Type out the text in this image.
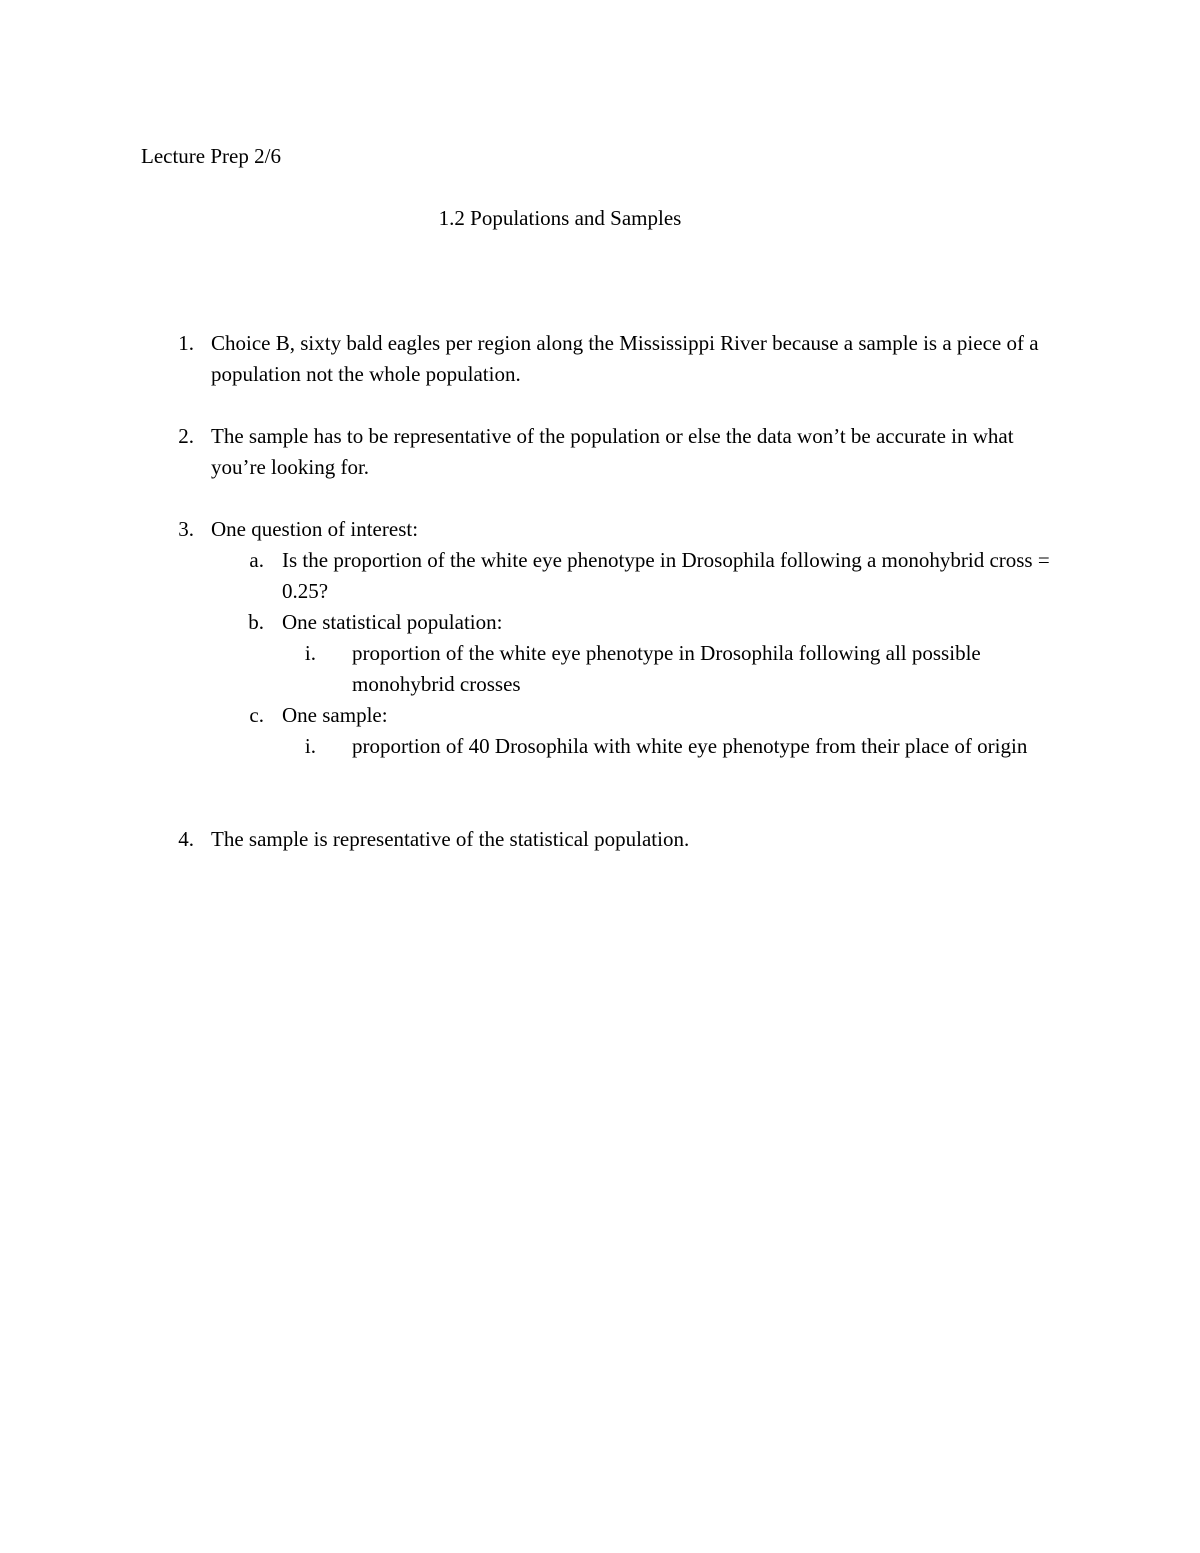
Lecture Prep 2/6
1.2 Populations and Samples
1. Choice B, sixty bald eagles per region along the Mississippi River because a sample is a piece of a population not the whole population.
2. The sample has to be representative of the population or else the data won’t be accurate in what you’re looking for.
3. One question of interest:
a. Is the proportion of the white eye phenotype in Drosophila following a monohybrid cross = 0.25?
b. One statistical population:
i. proportion of the white eye phenotype in Drosophila following all possible monohybrid crosses
c. One sample:
i. proportion of 40 Drosophila with white eye phenotype from their place of origin
4. The sample is representative of the statistical population.
